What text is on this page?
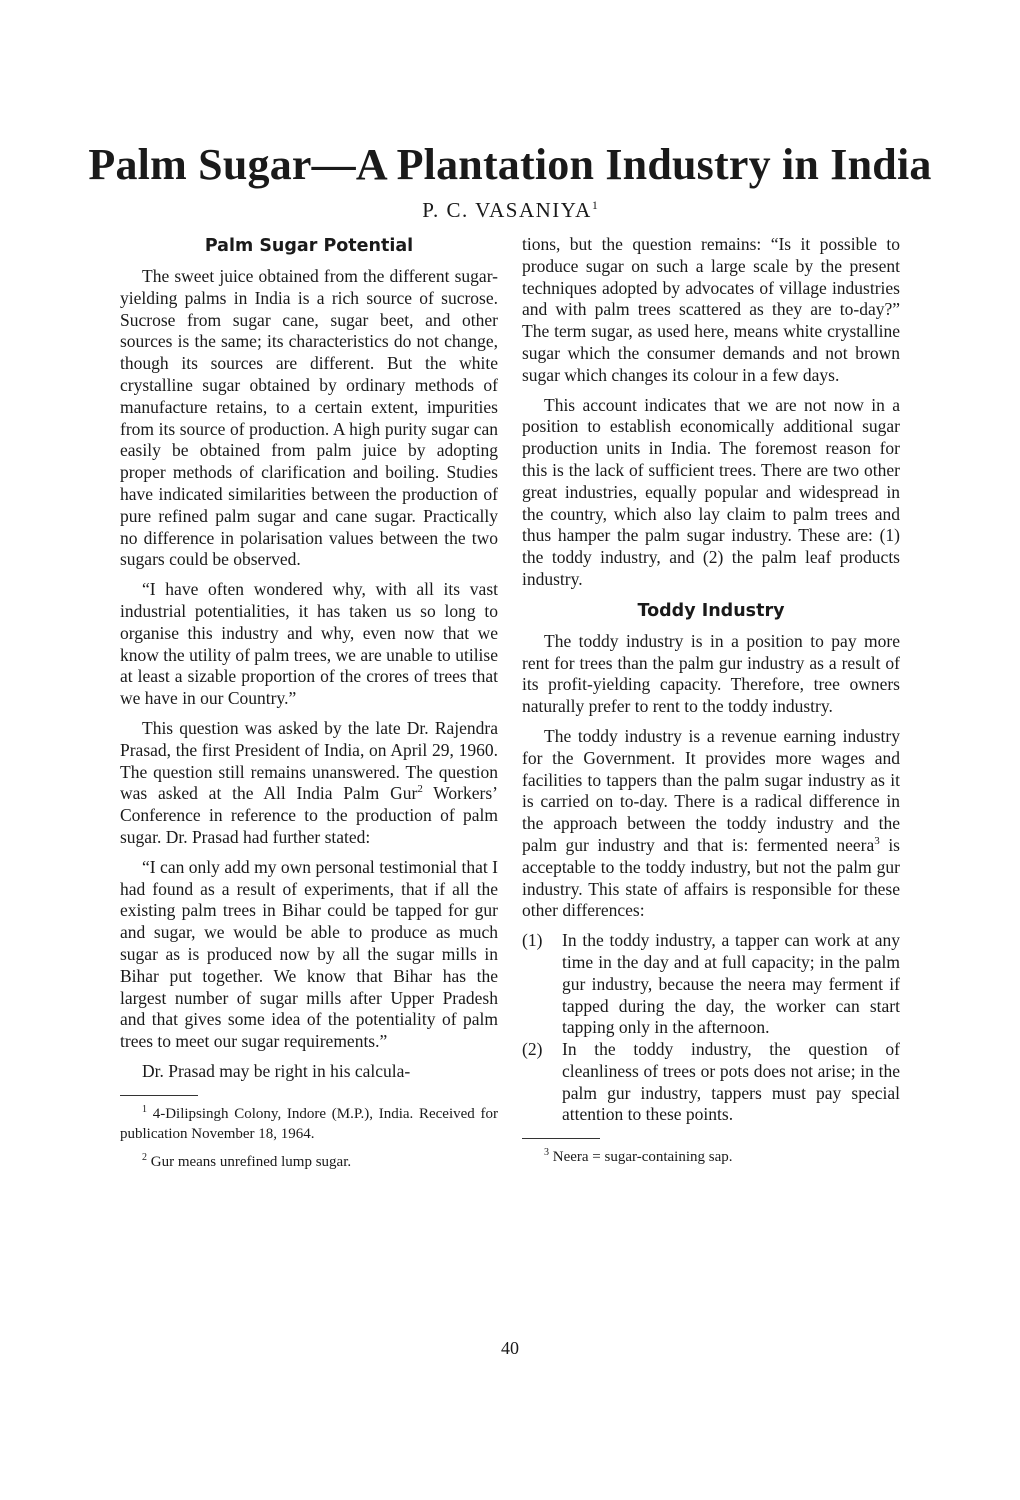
Palm Sugar—A Plantation Industry in India
P. C. VASANIYA$^1$
Palm Sugar Potential

The sweet juice obtained from the different sugar-yielding palms in India is a rich source of sucrose. Sucrose from sugar cane, sugar beet, and other sources is the same; its characteristics do not change, though its sources are different. But the white crystalline sugar obtained by ordinary methods of manufacture retains, to a certain extent, impurities from its source of production. A high purity sugar can easily be obtained from palm juice by adopting proper methods of clarification and boiling. Studies have indicated similarities between the production of pure refined palm sugar and cane sugar. Practically no difference in polarisation values between the two sugars could be observed.

“I have often wondered why, with all its vast industrial potentialities, it has taken us so long to organise this industry and why, even now that we know the utility of palm trees, we are unable to utilise at least a sizable proportion of the crores of trees that we have in our Country.”

This question was asked by the late Dr. Rajendra Prasad, the first President of India, on April 29, 1960. The question still remains unanswered. The question was asked at the All India Palm Gur$^2$ Workers’ Conference in reference to the production of palm sugar. Dr. Prasad had further stated:

“I can only add my own personal testimonial that I had found as a result of experiments, that if all the existing palm trees in Bihar could be tapped for gur and sugar, we would be able to produce as much sugar as is produced now by all the sugar mills in Bihar put together. We know that Bihar has the largest number of sugar mills after Upper Pradesh and that gives some idea of the potentiality of palm trees to meet our sugar requirements.”

Dr. Prasad may be right in his calcula-

$^1$ 4-Dilipsingh Colony, Indore (M.P.), India. Received for publication November 18, 1964.

$^2$ Gur means unrefined lump sugar.

tions, but the question remains: “Is it possible to produce sugar on such a large scale by the present techniques adopted by advocates of village industries and with palm trees scattered as they are to-day?” The term sugar, as used here, means white crystalline sugar which the consumer demands and not brown sugar which changes its colour in a few days.

This account indicates that we are not now in a position to establish economically additional sugar production units in India. The foremost reason for this is the lack of sufficient trees. There are two other great industries, equally popular and widespread in the country, which also lay claim to palm trees and thus hamper the palm sugar industry. These are: (1) the toddy industry, and (2) the palm leaf products industry.

Toddy Industry

The toddy industry is in a position to pay more rent for trees than the palm gur industry as a result of its profit-yielding capacity. Therefore, tree owners naturally prefer to rent to the toddy industry.

The toddy industry is a revenue earning industry for the Government. It provides more wages and facilities to tappers than the palm sugar industry as it is carried on to-day. There is a radical difference in the approach between the toddy industry and the palm gur industry and that is: fermented neera$^3$ is acceptable to the toddy industry, but not the palm gur industry. This state of affairs is responsible for these other differences:

(1)	In the toddy industry, a tapper can work at any time in the day and at full capacity; in the palm gur industry, because the neera may ferment if tapped during the day, the worker can start tapping only in the afternoon.
(2)	In the toddy industry, the question of cleanliness of trees or pots does not arise; in the palm gur industry, tappers must pay special attention to these points.

$^3$ Neera = sugar-containing sap.

40
